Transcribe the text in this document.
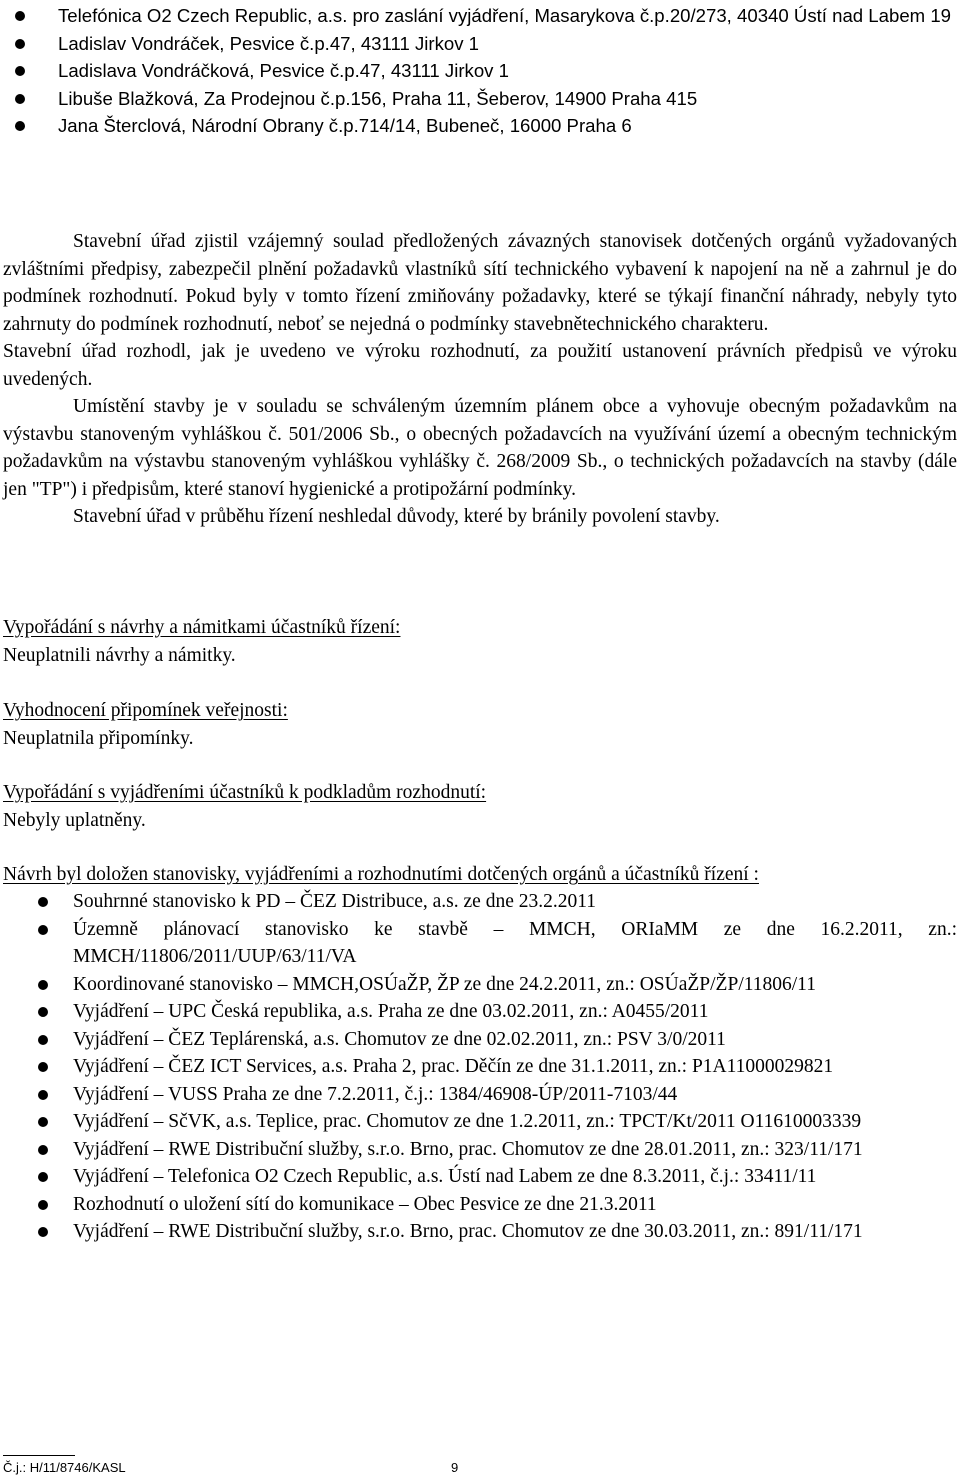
Telefónica O2 Czech Republic, a.s. pro zaslání vyjádření, Masarykova č.p.20/273, 40340 Ústí nad Labem 19
Ladislav Vondráček, Pesvice č.p.47, 43111 Jirkov 1
Ladislava Vondráčková, Pesvice č.p.47, 43111 Jirkov 1
Libuše Blažková, Za Prodejnou č.p.156, Praha 11, Šeberov, 14900 Praha 415
Jana Šterclová, Národní Obrany č.p.714/14, Bubeneč, 16000 Praha 6

Stavební úřad zjistil vzájemný soulad předložených závazných stanovisek dotčených orgánů vyžadovaných zvláštními předpisy, zabezpečil plnění požadavků vlastníků sítí technického vybavení k napojení na ně a zahrnul je do podmínek rozhodnutí. Pokud byly v tomto řízení zmiňovány požadavky, které se týkají finanční náhrady, nebyly tyto zahrnuty do podmínek rozhodnutí, neboť se nejedná o podmínky stavebnětechnického charakteru.

Stavební úřad rozhodl, jak je uvedeno ve výroku rozhodnutí, za použití ustanovení právních předpisů ve výroku uvedených.

Umístění stavby je v souladu se schváleným územním plánem obce a vyhovuje obecným požadavkům na výstavbu stanoveným vyhláškou č. 501/2006 Sb., o obecných požadavcích na využívání území a obecným technickým požadavkům na výstavbu stanoveným vyhláškou vyhlášky č. 268/2009 Sb., o technických požadavcích na stavby (dále jen "TP") i předpisům, které stanoví hygienické a protipožární podmínky.

Stavební úřad v průběhu řízení neshledal důvody, které by bránily povolení stavby.

Vypořádání s návrhy a námitkami účastníků řízení:
Neuplatnili návrhy a námitky.
Vyhodnocení připomínek veřejnosti:
Neuplatnila připomínky.
Vypořádání s vyjádřeními účastníků k podkladům rozhodnutí:
Nebyly uplatněny.
Návrh byl doložen stanovisky, vyjádřeními a rozhodnutími dotčených orgánů a účastníků řízení :
Souhrnné stanovisko k PD – ČEZ Distribuce, a.s. ze dne 23.2.2011
Územně plánovací stanovisko ke stavbě – MMCH, ORIaMM ze dne 16.2.2011, zn.: MMCH/11806/2011/UUP/63/11/VA
Koordinované stanovisko – MMCH,OSÚaŽP, ŽP ze dne 24.2.2011, zn.: OSÚaŽP/ŽP/11806/11
Vyjádření – UPC Česká republika, a.s. Praha ze dne 03.02.2011, zn.: A0455/2011
Vyjádření – ČEZ Teplárenská, a.s. Chomutov ze dne 02.02.2011, zn.: PSV 3/0/2011
Vyjádření – ČEZ ICT Services, a.s. Praha 2, prac. Děčín ze dne 31.1.2011, zn.: P1A11000029821
Vyjádření – VUSS Praha ze dne 7.2.2011, č.j.: 1384/46908-ÚP/2011-7103/44
Vyjádření – SčVK, a.s. Teplice, prac. Chomutov ze dne 1.2.2011, zn.: TPCT/Kt/2011 O11610003339
Vyjádření – RWE Distribuční služby, s.r.o. Brno, prac. Chomutov ze dne 28.01.2011, zn.: 323/11/171
Vyjádření – Telefonica O2 Czech Republic, a.s. Ústí nad Labem ze dne 8.3.2011, č.j.: 33411/11
Rozhodnutí o uložení sítí do komunikace – Obec Pesvice ze dne 21.3.2011
Vyjádření – RWE Distribuční služby, s.r.o. Brno, prac. Chomutov ze dne 30.03.2011, zn.: 891/11/171
Č.j.: H/11/8746/KASL	9
